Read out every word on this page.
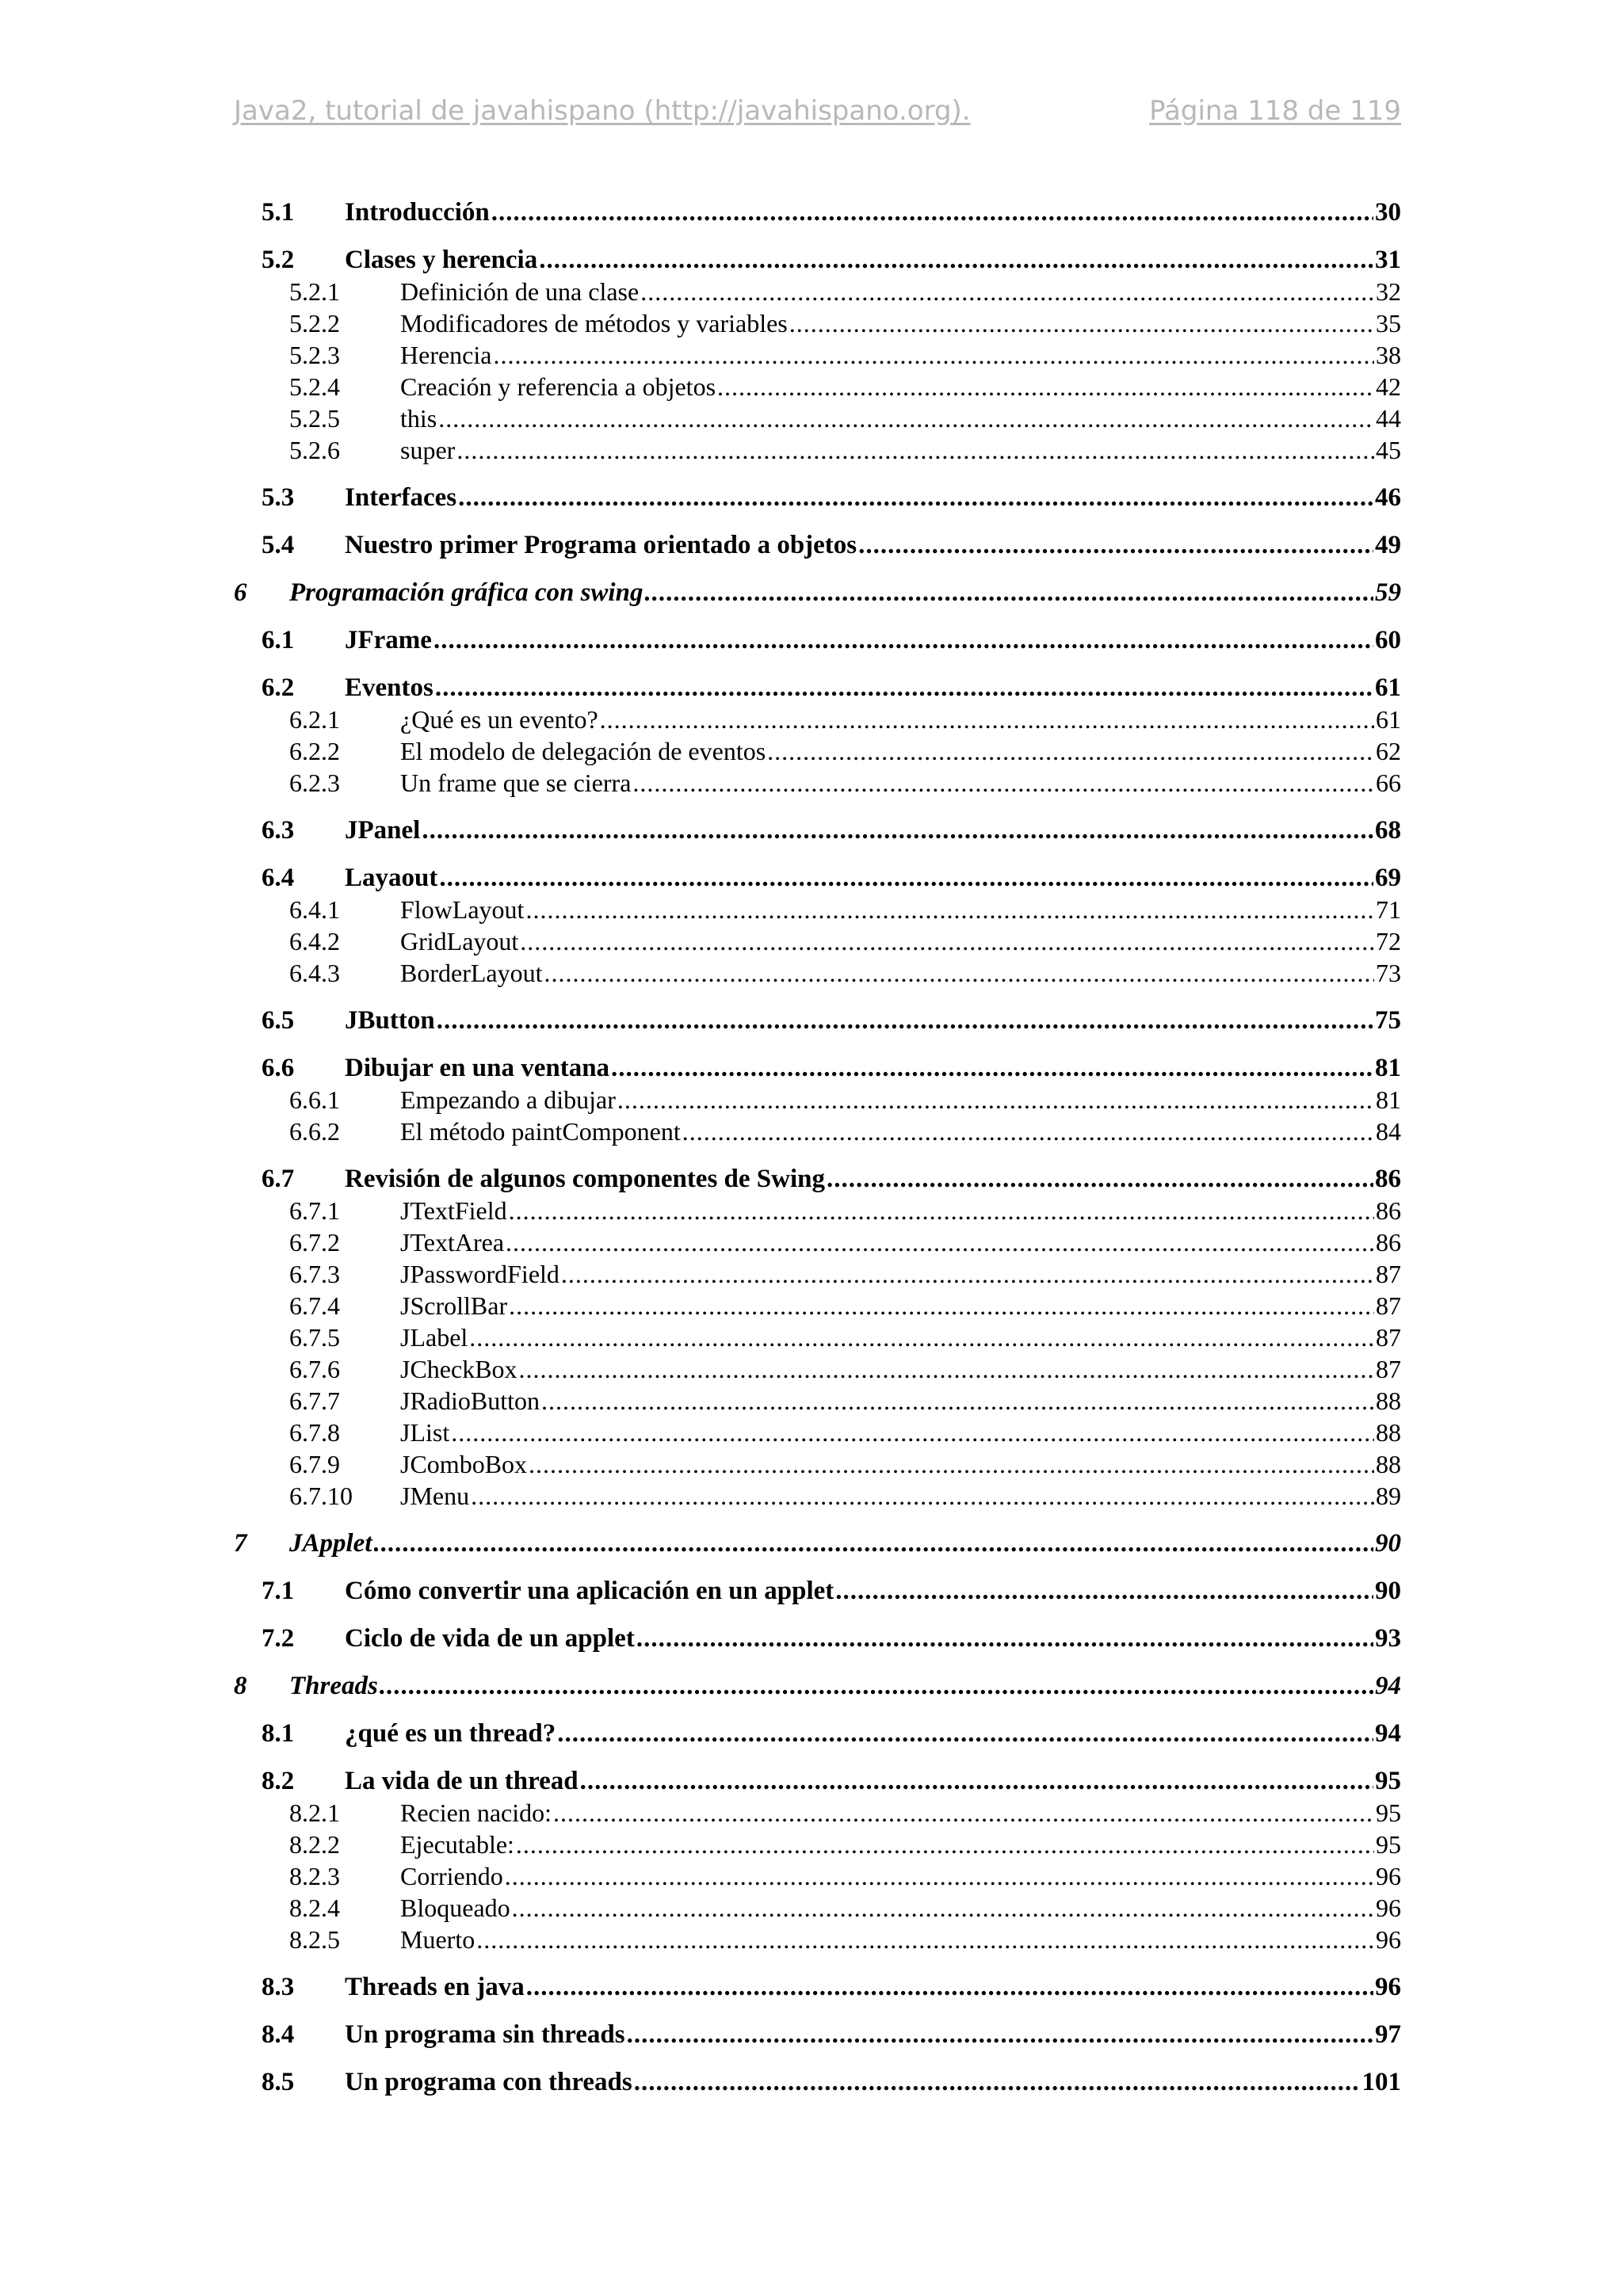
Java2, tutorial de javahispano (http://javahispano.org).	Página 118 de 119
5.1	Introducción .....	30
5.2	Clases y herencia .....	31
5.2.1	Definición de una clase .....	32
5.2.2	Modificadores de métodos y variables .....	35
5.2.3	Herencia .....	38
5.2.4	Creación y referencia a objetos .....	42
5.2.5	this .....	44
5.2.6	super .....	45
5.3	Interfaces .....	46
5.4	Nuestro primer Programa orientado a objetos .....	49
6	Programación gráfica con swing .....	59
6.1	JFrame .....	60
6.2	Eventos .....	61
6.2.1	¿Qué es un evento? .....	61
6.2.2	El modelo de delegación de eventos .....	62
6.2.3	Un frame que se cierra .....	66
6.3	JPanel .....	68
6.4	Layaout .....	69
6.4.1	FlowLayout .....	71
6.4.2	GridLayout .....	72
6.4.3	BorderLayout .....	73
6.5	JButton .....	75
6.6	Dibujar en una ventana .....	81
6.6.1	Empezando a dibujar .....	81
6.6.2	El método paintComponent .....	84
6.7	Revisión de algunos componentes de Swing .....	86
6.7.1	JTextField .....	86
6.7.2	JTextArea .....	86
6.7.3	JPasswordField .....	87
6.7.4	JScrollBar .....	87
6.7.5	JLabel .....	87
6.7.6	JCheckBox .....	87
6.7.7	JRadioButton .....	88
6.7.8	JList .....	88
6.7.9	JComboBox .....	88
6.7.10	JMenu .....	89
7	JApplet .....	90
7.1	Cómo convertir una aplicación en un applet .....	90
7.2	Ciclo de vida de un applet .....	93
8	Threads .....	94
8.1	¿qué es un thread? .....	94
8.2	La vida de un thread .....	95
8.2.1	Recien nacido: .....	95
8.2.2	Ejecutable: .....	95
8.2.3	Corriendo .....	96
8.2.4	Bloqueado .....	96
8.2.5	Muerto .....	96
8.3	Threads en java .....	96
8.4	Un programa sin threads .....	97
8.5	Un programa con threads .....	101
